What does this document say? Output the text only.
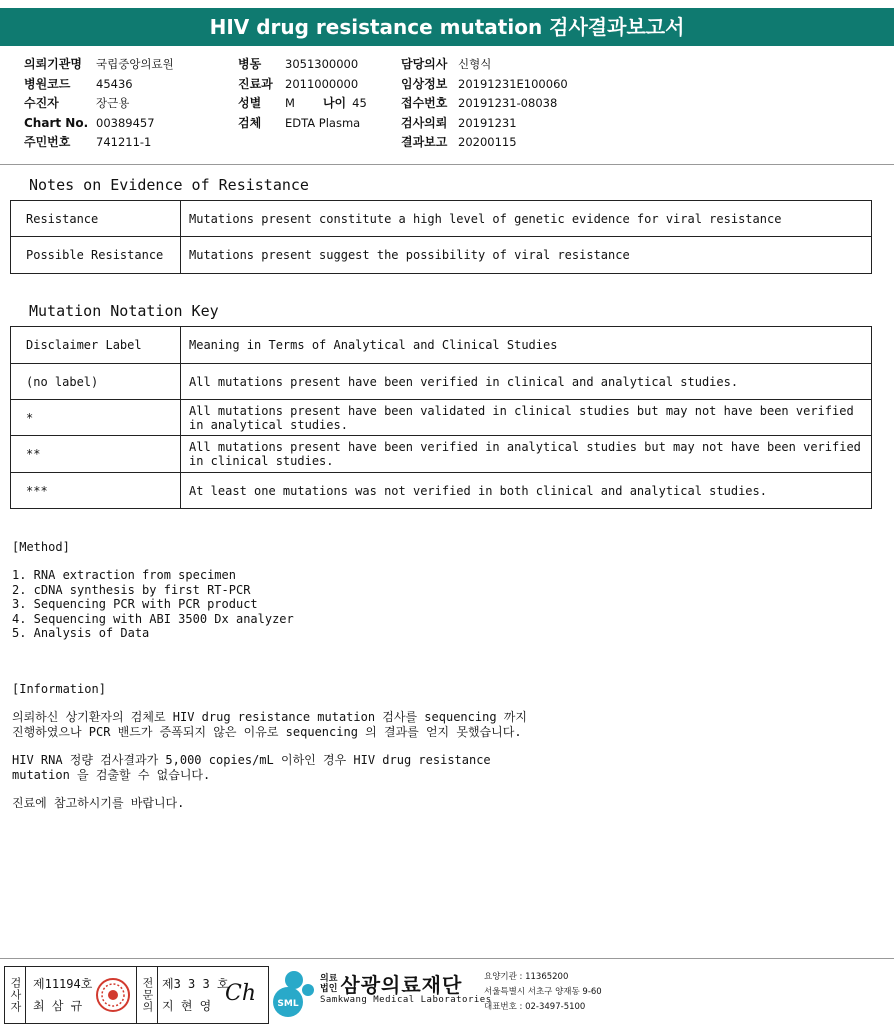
HIV drug resistance mutation 검사결과보고서
의뢰기관명 국립중앙의료원
병원코드 45436
수진자	장근용
Chart No. 00389457
주민번호 741211-1
병동 3051300000
진료과 2011000000
성별 M 나이 45
검체 EDTA Plasma
담당의사 신형식
임상정보 20191231E100060
접수번호 20191231-08038
검사의뢰 20191231
결과보고 20200115
Notes on Evidence of Resistance
Resistance	Mutations present constitute a high level of genetic evidence for viral resistance
Possible Resistance	Mutations present suggest the possibility of viral resistance
Mutation Notation Key
Disclaimer Label	Meaning in Terms of Analytical and Clinical Studies
(no label)	All mutations present have been verified in clinical and analytical studies.
*	All mutations present have been validated in clinical studies but may not have been verified in analytical studies.
**	All mutations present have been verified in analytical studies but may not have been verified in clinical studies.
***	At least one mutations was not verified in both clinical and analytical studies.
[Method]
1. RNA extraction from specimen
2. cDNA synthesis by first RT-PCR
3. Sequencing PCR with PCR product
4. Sequencing with ABI 3500 Dx analyzer
5. Analysis of Data
[Information]
의뢰하신 상기환자의 검체로 HIV drug resistance mutation 검사를 sequencing 까지
진행하였으나 PCR 밴드가 증폭되지 않은 이유로 sequencing 의 결과를 얻지 못했습니다.
HIV RNA 정량 검사결과가 5,000 copies/mL 이하인 경우 HIV drug resistance
mutation 을 검출할 수 없습니다.
진료에 참고하시기를 바랍니다.
검사자 제11194호
최 삼 규	전문의 제3 3 3 호
지 현 영 Ch SML
의료
법인 삼광의료재단
Samkwang Medical Laboratories
요양기관 : 11365200
서울특별시 서초구 양재동 9-60
대표번호 : 02-3497-5100
